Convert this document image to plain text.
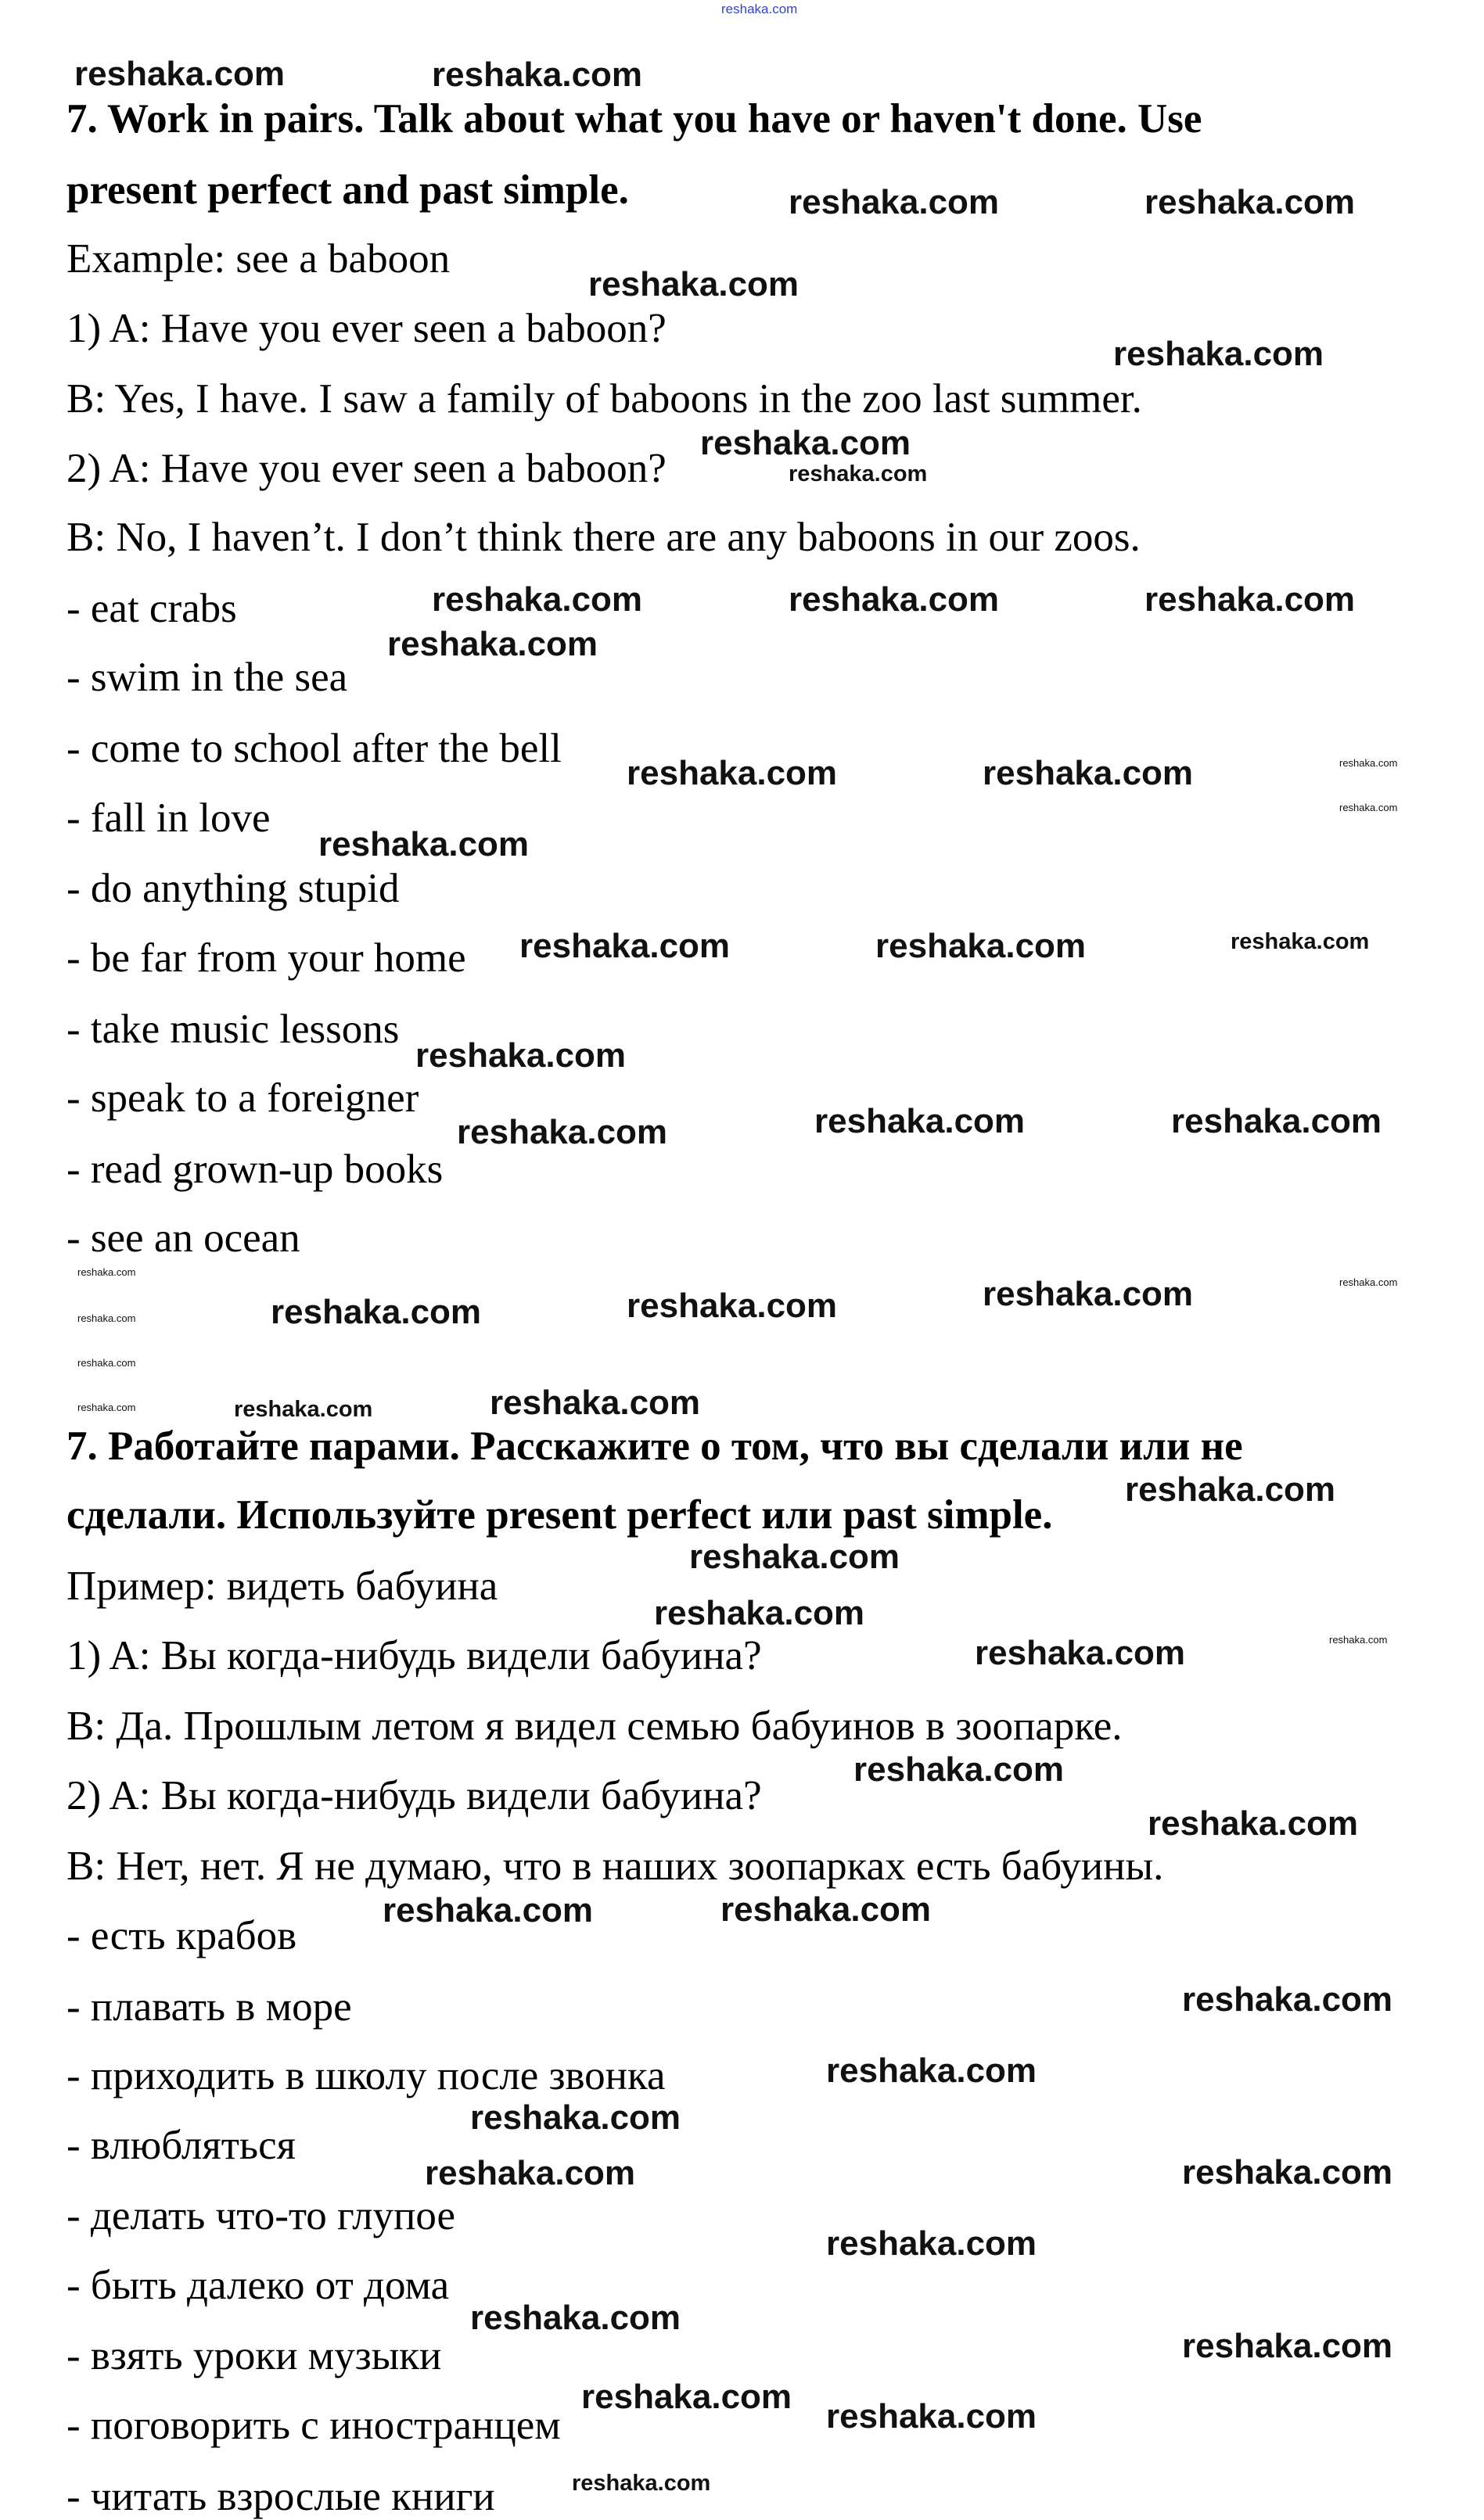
reshaka.com
7. Work in pairs. Talk about what you have or haven't done. Use
present perfect and past simple.
Example: see a baboon
1) A: Have you ever seen a baboon?
B: Yes, I have. I saw a family of baboons in the zoo last summer.
2) A: Have you ever seen a baboon?
B: No, I haven’t. I don’t think there are any baboons in our zoos.
- eat crabs
- swim in the sea
- come to school after the bell
- fall in love
- do anything stupid
- be far from your home
- take music lessons
- speak to a foreigner
- read grown-up books
- see an ocean
7. Работайте парами. Расскажите о том, что вы сделали или не
сделали. Используйте present perfect или past simple.
Пример: видеть бабуина
1) A: Вы когда-нибудь видели бабуина?
B: Да. Прошлым летом я видел семью бабуинов в зоопарке.
2) A: Вы когда-нибудь видели бабуина?
B: Нет, нет. Я не думаю, что в наших зоопарках есть бабуины.
- есть крабов
- плавать в море
- приходить в школу после звонка
- влюбляться
- делать что-то глупое
- быть далеко от дома
- взять уроки музыки
- поговорить с иностранцем
- читать взрослые книги
reshaka.com	reshaka.com
reshaka.com	reshaka.com
reshaka.com
reshaka.com
reshaka.com
reshaka.com
reshaka.com	reshaka.com	reshaka.com
reshaka.com
reshaka.com	reshaka.com	reshaka.com
reshaka.com
reshaka.com
reshaka.com	reshaka.com	reshaka.com
reshaka.com
reshaka.com	reshaka.com	reshaka.com
reshaka.com
reshaka.com
reshaka.com
reshaka.com
reshaka.com	reshaka.com	reshaka.com	reshaka.com
reshaka.com	reshaka.com
reshaka.com
reshaka.com
reshaka.com
reshaka.com
reshaka.com
reshaka.com
reshaka.com
reshaka.com	reshaka.com
reshaka.com
reshaka.com
reshaka.com
reshaka.com	reshaka.com
reshaka.com
reshaka.com
reshaka.com
reshaka.com
reshaka.com
reshaka.com
